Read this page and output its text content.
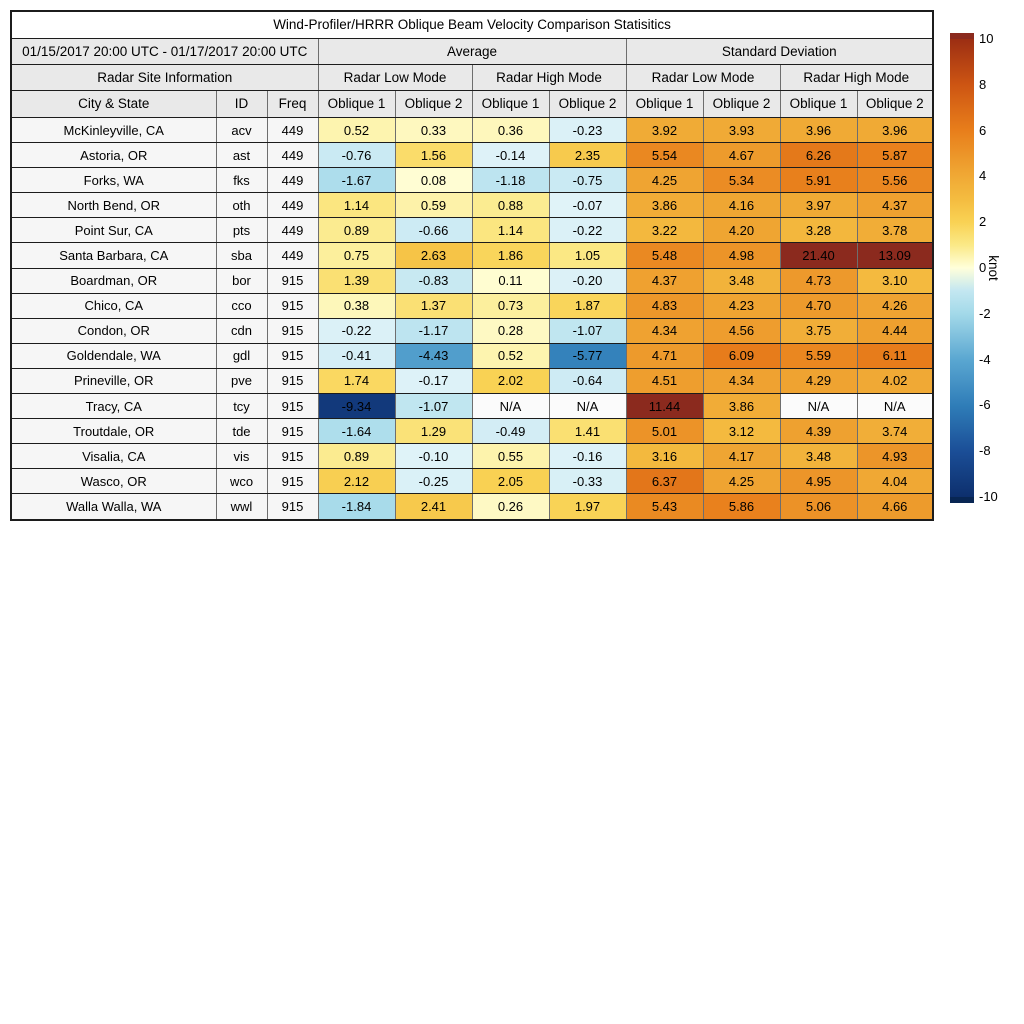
Wind-Profiler/HRRR Oblique Beam Velocity Comparison Statisitics										
01/15/2017 20:00 UTC - 01/17/2017 20:00 UTC			Average				Standard Deviation			
Radar Site Information			Radar Low Mode		Radar High Mode		Radar Low Mode		Radar High Mode	
City & State	ID	Freq	Oblique 1	Oblique 2	Oblique 1	Oblique 2	Oblique 1	Oblique 2	Oblique 1	Oblique 2
McKinleyville, CA	acv	449	0.52	0.33	0.36	-0.23	3.92	3.93	3.96	3.96
Astoria, OR	ast	449	-0.76	1.56	-0.14	2.35	5.54	4.67	6.26	5.87
Forks, WA	fks	449	-1.67	0.08	-1.18	-0.75	4.25	5.34	5.91	5.56
North Bend, OR	oth	449	1.14	0.59	0.88	-0.07	3.86	4.16	3.97	4.37
Point Sur, CA	pts	449	0.89	-0.66	1.14	-0.22	3.22	4.20	3.28	3.78
Santa Barbara, CA	sba	449	0.75	2.63	1.86	1.05	5.48	4.98	21.40	13.09
Boardman, OR	bor	915	1.39	-0.83	0.11	-0.20	4.37	3.48	4.73	3.10
Chico, CA	cco	915	0.38	1.37	0.73	1.87	4.83	4.23	4.70	4.26
Condon, OR	cdn	915	-0.22	-1.17	0.28	-1.07	4.34	4.56	3.75	4.44
Goldendale, WA	gdl	915	-0.41	-4.43	0.52	-5.77	4.71	6.09	5.59	6.11
Prineville, OR	pve	915	1.74	-0.17	2.02	-0.64	4.51	4.34	4.29	4.02
Tracy, CA	tcy	915	-9.34	-1.07	N/A	N/A	11.44	3.86	N/A	N/A
Troutdale, OR	tde	915	-1.64	1.29	-0.49	1.41	5.01	3.12	4.39	3.74
Visalia, CA	vis	915	0.89	-0.10	0.55	-0.16	3.16	4.17	3.48	4.93
Wasco, OR	wco	915	2.12	-0.25	2.05	-0.33	6.37	4.25	4.95	4.04
Walla Walla, WA	wwl	915	-1.84	2.41	0.26	1.97	5.43	5.86	5.06	4.66
10
8
6
4
2
0
-2
-4
-6
-8
-10
knot
